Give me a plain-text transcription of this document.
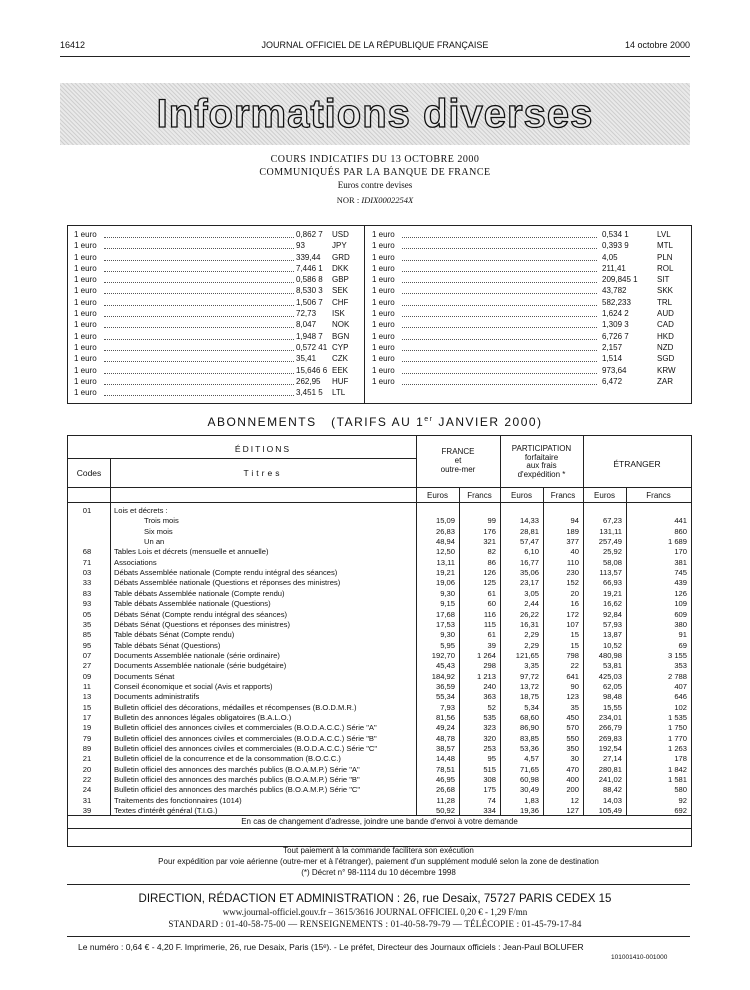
16412	JOURNAL OFFICIEL DE LA RÉPUBLIQUE FRANÇAISE	14 octobre 2000
Informations diverses
COURS INDICATIFS DU 13 OCTOBRE 2000
COMMUNIQUÉS PAR LA BANQUE DE FRANCE
Euros contre devises
NOR : IDIX0002254X
1 euro	0,862 7 USD
1 euro	93	JPY
1 euro	339,44 GRD
1 euro	7,446 1 DKK
1 euro	0,586 8 GBP
1 euro	8,530 3 SEK
1 euro	1,506 7 CHF
1 euro	72,73 ISK
1 euro	8,047 NOK
1 euro	1,948 7 BGN
1 euro	0,572 41 CYP
1 euro	35,41 CZK
1 euro	15,646 6 EEK
1 euro	262,95 HUF
1 euro	3,451 5 LTL
1 euro	0,534 1	LVL
1 euro	0,393 9	MTL
1 euro	4,05	PLN
1 euro	211,41	ROL
1 euro	209,845 1 SIT
1 euro	43,782	SKK
1 euro	582,233	TRL
1 euro	1,624 2	AUD
1 euro	1,309 3	CAD
1 euro	6,726 7	HKD
1 euro	2,157	NZD
1 euro	1,514	SGD
1 euro	973,64	KRW
1 euro	6,472	ZAR
ABONNEMENTS (TARIFS AU 1er JANVIER 2000)
ÉDITIONS
Codes	Titres
FRANCE
et
outre-mer
PARTICIPATION
forfaitaire
aux frais
d'expédition *
ÉTRANGER
Euros	Francs	Euros	Francs	Euros	Francs
01	Lois et décrets :
Trois mois	15,09	99	14,33	94	67,23	441
Six mois	26,83	176	28,81	189	131,11	860
Un an	48,94	321	57,47	377	257,49	1 689
68	Tables Lois et décrets (mensuelle et annuelle)	12,50	82	6,10	40	25,92	170
71	Associations	13,11	86	16,77	110	58,08	381
03	Débats Assemblée nationale (Compte rendu intégral des séances)	19,21	126	35,06	230	113,57	745
33	Débats Assemblée nationale (Questions et réponses des ministres)	19,06	125	23,17	152	66,93	439
83	Table débats Assemblée nationale (Compte rendu)	9,30	61	3,05	20	19,21	126
93	Table débats Assemblée nationale (Questions)	9,15	60	2,44	16	16,62	109
05	Débats Sénat (Compte rendu intégral des séances)	17,68	116	26,22	172	92,84	609
35	Débats Sénat (Questions et réponses des ministres)	17,53	115	16,31	107	57,93	380
85	Table débats Sénat (Compte rendu)	9,30	61	2,29	15	13,87	91
95	Table débats Sénat (Questions)	5,95	39	2,29	15	10,52	69
07	Documents Assemblée nationale (série ordinaire)	192,70	1 264	121,65	798	480,98	3 155
27	Documents Assemblée nationale (série budgétaire)	45,43	298	3,35	22	53,81	353
09	Documents Sénat	184,92	1 213	97,72	641	425,03	2 788
11	Conseil économique et social (Avis et rapports)	36,59	240	13,72	90	62,05	407
13	Documents administratifs	55,34	363	18,75	123	98,48	646
15	Bulletin officiel des décorations, médailles et récompenses (B.O.D.M.R.)	7,93	52	5,34	35	15,55	102
17	Bulletin des annonces légales obligatoires (B.A.L.O.)	81,56	535	68,60	450	234,01	1 535
19	Bulletin officiel des annonces civiles et commerciales (B.O.D.A.C.C.) Série "A"	49,24	323	86,90	570	266,79	1 750
79	Bulletin officiel des annonces civiles et commerciales (B.O.D.A.C.C.) Série "B"	48,78	320	83,85	550	269,83	1 770
89	Bulletin officiel des annonces civiles et commerciales (B.O.D.A.C.C.) Série "C"	38,57	253	53,36	350	192,54	1 263
21	Bulletin officiel de la concurrence et de la consommation (B.O.C.C.)	14,48	95	4,57	30	27,14	178
20	Bulletin officiel des annonces des marchés publics (B.O.A.M.P.) Série "A"	78,51	515	71,65	470	280,81	1 842
22	Bulletin officiel des annonces des marchés publics (B.O.A.M.P.) Série "B"	46,95	308	60,98	400	241,02	1 581
24	Bulletin officiel des annonces des marchés publics (B.O.A.M.P.) Série "C"	26,68	175	30,49	200	88,42	580
31	Traitements des fonctionnaires (1014)	11,28	74	1,83	12	14,03	92
39	Textes d'intérêt général (T.I.G.)	50,92	334	19,36	127	105,49	692
En cas de changement d'adresse, joindre une bande d'envoi à votre demande
Tout paiement à la commande facilitera son exécution
Pour expédition par voie aérienne (outre-mer et à l'étranger), paiement d'un supplément modulé selon la zone de destination
(*) Décret n° 98-1114 du 10 décembre 1998
DIRECTION, RÉDACTION ET ADMINISTRATION : 26, rue Desaix, 75727 PARIS CEDEX 15
www.journal-officiel.gouv.fr – 3615/3616 JOURNAL OFFICIEL 0,20 € - 1,29 F/mn
STANDARD : 01-40-58-75-00 — RENSEIGNEMENTS : 01-40-58-79-79 — TÉLÉCOPIE : 01-45-79-17-84
Le numéro : 0,64 € - 4,20 F. Imprimerie, 26, rue Desaix, Paris (15ᵉ). - Le préfet, Directeur des Journaux officiels : Jean-Paul BOLUFER
101001410-001000
